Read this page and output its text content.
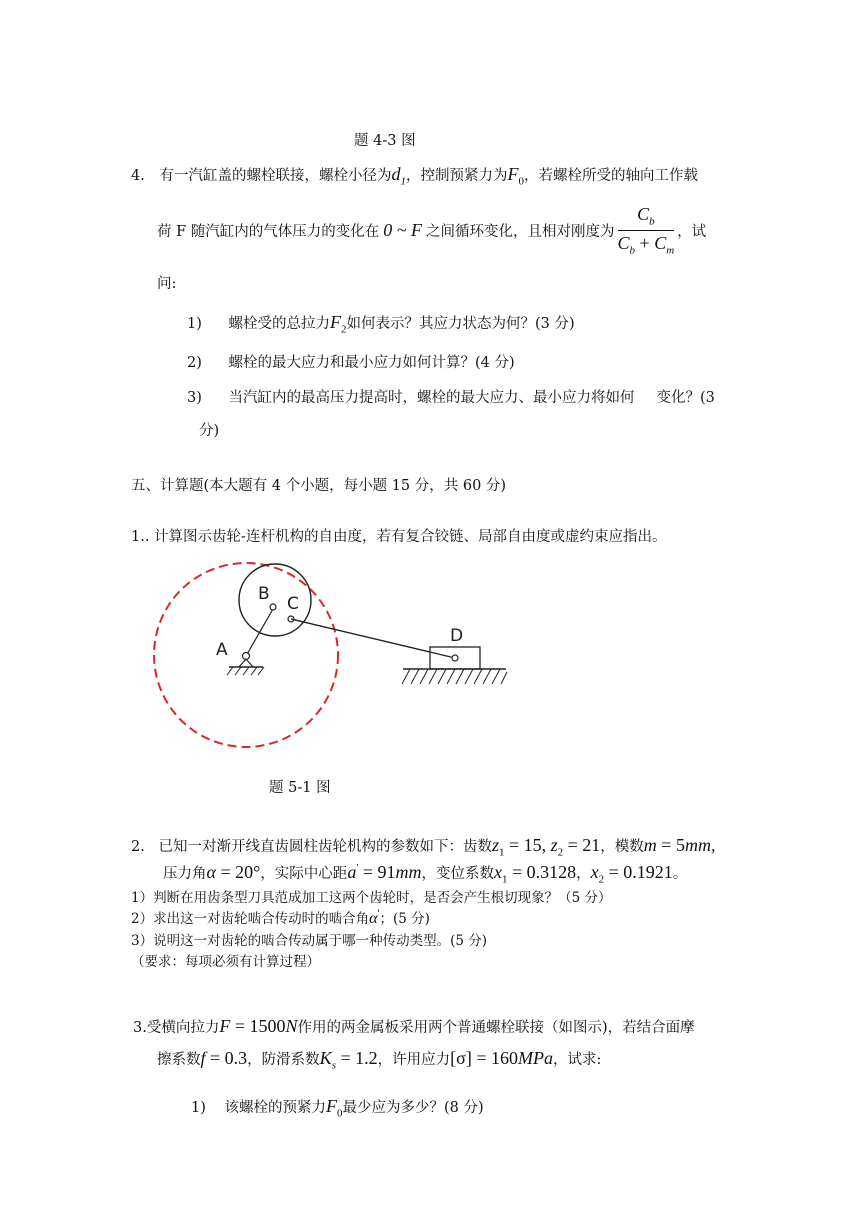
题 4-3 图
4. 有一汽缸盖的螺栓联接，螺栓小径为$d_1$，控制预紧力为$F_0$，若螺栓所受的轴向工作载
荷 F 随汽缸内的气体压力的变化在 0 ~ F 之间循环变化，且相对刚度为 $\frac{C_b}{C_b + C_m}$ ，试
问:
1) 螺栓受的总拉力$F_2$如何表示？其应力状态为何？(3 分)
2) 螺栓的最大应力和最小应力如何计算？(4 分)
3) 当汽缸内的最高压力提高时，螺栓的最大应力、最小应力将如何 变化？(3
分)
五、计算题(本大题有 4 个小题，每小题 15 分，共 60 分)
1.. 计算图示齿轮-连杆机构的自由度，若有复合铰链、局部自由度或虚约束应指出。
A
B C
D
题 5-1 图
2. 已知一对渐开线直齿圆柱齿轮机构的参数如下：齿数$z_1 = 15$, $z_2 = 21$，模数m = 5mm,
压力角α = 20°，实际中心距a' = 91mm，变位系数$x_1 = 0.3128$，$x_2 = 0.1921$。
1）判断在用齿条型刀具范成加工这两个齿轮时，是否会产生根切现象？（5 分）
2）求出这一对齿轮啮合传动时的啮合角α'；(5 分)
3）说明这一对齿轮的啮合传动属于哪一种传动类型。(5 分)
（要求：每项必须有计算过程）
3.受横向拉力F = 1500N作用的两金属板采用两个普通螺栓联接（如图示)，若结合面摩
擦系数f = 0.3，防滑系数$K_s = 1.2$，许用应力[σ] = 160MPa，试求:
1) 该螺栓的预紧力$F_0$最少应为多少？(8 分)
